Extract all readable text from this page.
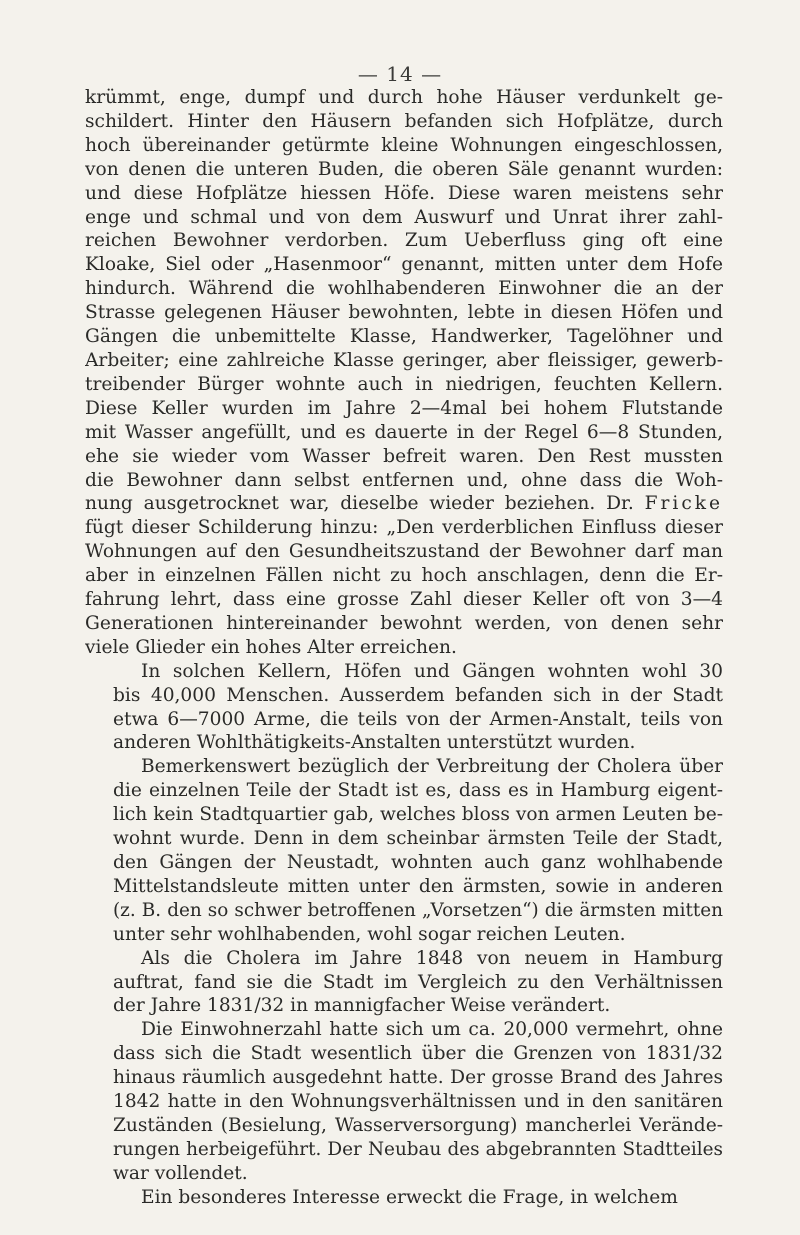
— 14 —

krümmt, enge, dumpf und durch hohe Häuser verdunkelt ge-
schildert. Hinter den Häusern befanden sich Hofplätze, durch
hoch übereinander getürmte kleine Wohnungen eingeschlossen,
von denen die unteren Buden, die oberen Säle genannt wurden:
und diese Hofplätze hiessen Höfe. Diese waren meistens sehr
enge und schmal und von dem Auswurf und Unrat ihrer zahl-
reichen Bewohner verdorben. Zum Ueberfluss ging oft eine
Kloake, Siel oder „Hasenmoor“ genannt, mitten unter dem Hofe
hindurch. Während die wohlhabenderen Einwohner die an der
Strasse gelegenen Häuser bewohnten, lebte in diesen Höfen und
Gängen die unbemittelte Klasse, Handwerker, Tagelöhner und
Arbeiter; eine zahlreiche Klasse geringer, aber fleissiger, gewerb-
treibender Bürger wohnte auch in niedrigen, feuchten Kellern.
Diese Keller wurden im Jahre 2—4mal bei hohem Flutstande
mit Wasser angefüllt, und es dauerte in der Regel 6—8 Stunden,
ehe sie wieder vom Wasser befreit waren. Den Rest mussten
die Bewohner dann selbst entfernen und, ohne dass die Woh-
nung ausgetrocknet war, dieselbe wieder beziehen. Dr. Fricke
fügt dieser Schilderung hinzu: „Den verderblichen Einfluss dieser
Wohnungen auf den Gesundheitszustand der Bewohner darf man
aber in einzelnen Fällen nicht zu hoch anschlagen, denn die Er-
fahrung lehrt, dass eine grosse Zahl dieser Keller oft von 3—4
Generationen hintereinander bewohnt werden, von denen sehr
viele Glieder ein hohes Alter erreichen.

In solchen Kellern, Höfen und Gängen wohnten wohl 30
bis 40,000 Menschen. Ausserdem befanden sich in der Stadt
etwa 6—7000 Arme, die teils von der Armen-Anstalt, teils von
anderen Wohlthätigkeits-Anstalten unterstützt wurden.

Bemerkenswert bezüglich der Verbreitung der Cholera über
die einzelnen Teile der Stadt ist es, dass es in Hamburg eigent-
lich kein Stadtquartier gab, welches bloss von armen Leuten be-
wohnt wurde. Denn in dem scheinbar ärmsten Teile der Stadt,
den Gängen der Neustadt, wohnten auch ganz wohlhabende
Mittelstandsleute mitten unter den ärmsten, sowie in anderen
(z. B. den so schwer betroffenen „Vorsetzen“) die ärmsten mitten
unter sehr wohlhabenden, wohl sogar reichen Leuten.

Als die Cholera im Jahre 1848 von neuem in Hamburg
auftrat, fand sie die Stadt im Vergleich zu den Verhältnissen
der Jahre 1831/32 in mannigfacher Weise verändert.

Die Einwohnerzahl hatte sich um ca. 20,000 vermehrt, ohne
dass sich die Stadt wesentlich über die Grenzen von 1831/32
hinaus räumlich ausgedehnt hatte. Der grosse Brand des Jahres
1842 hatte in den Wohnungsverhältnissen und in den sanitären
Zuständen (Besielung, Wasserversorgung) mancherlei Verände-
rungen herbeigeführt. Der Neubau des abgebrannten Stadtteiles
war vollendet.

Ein besonderes Interesse erweckt die Frage, in welchem
